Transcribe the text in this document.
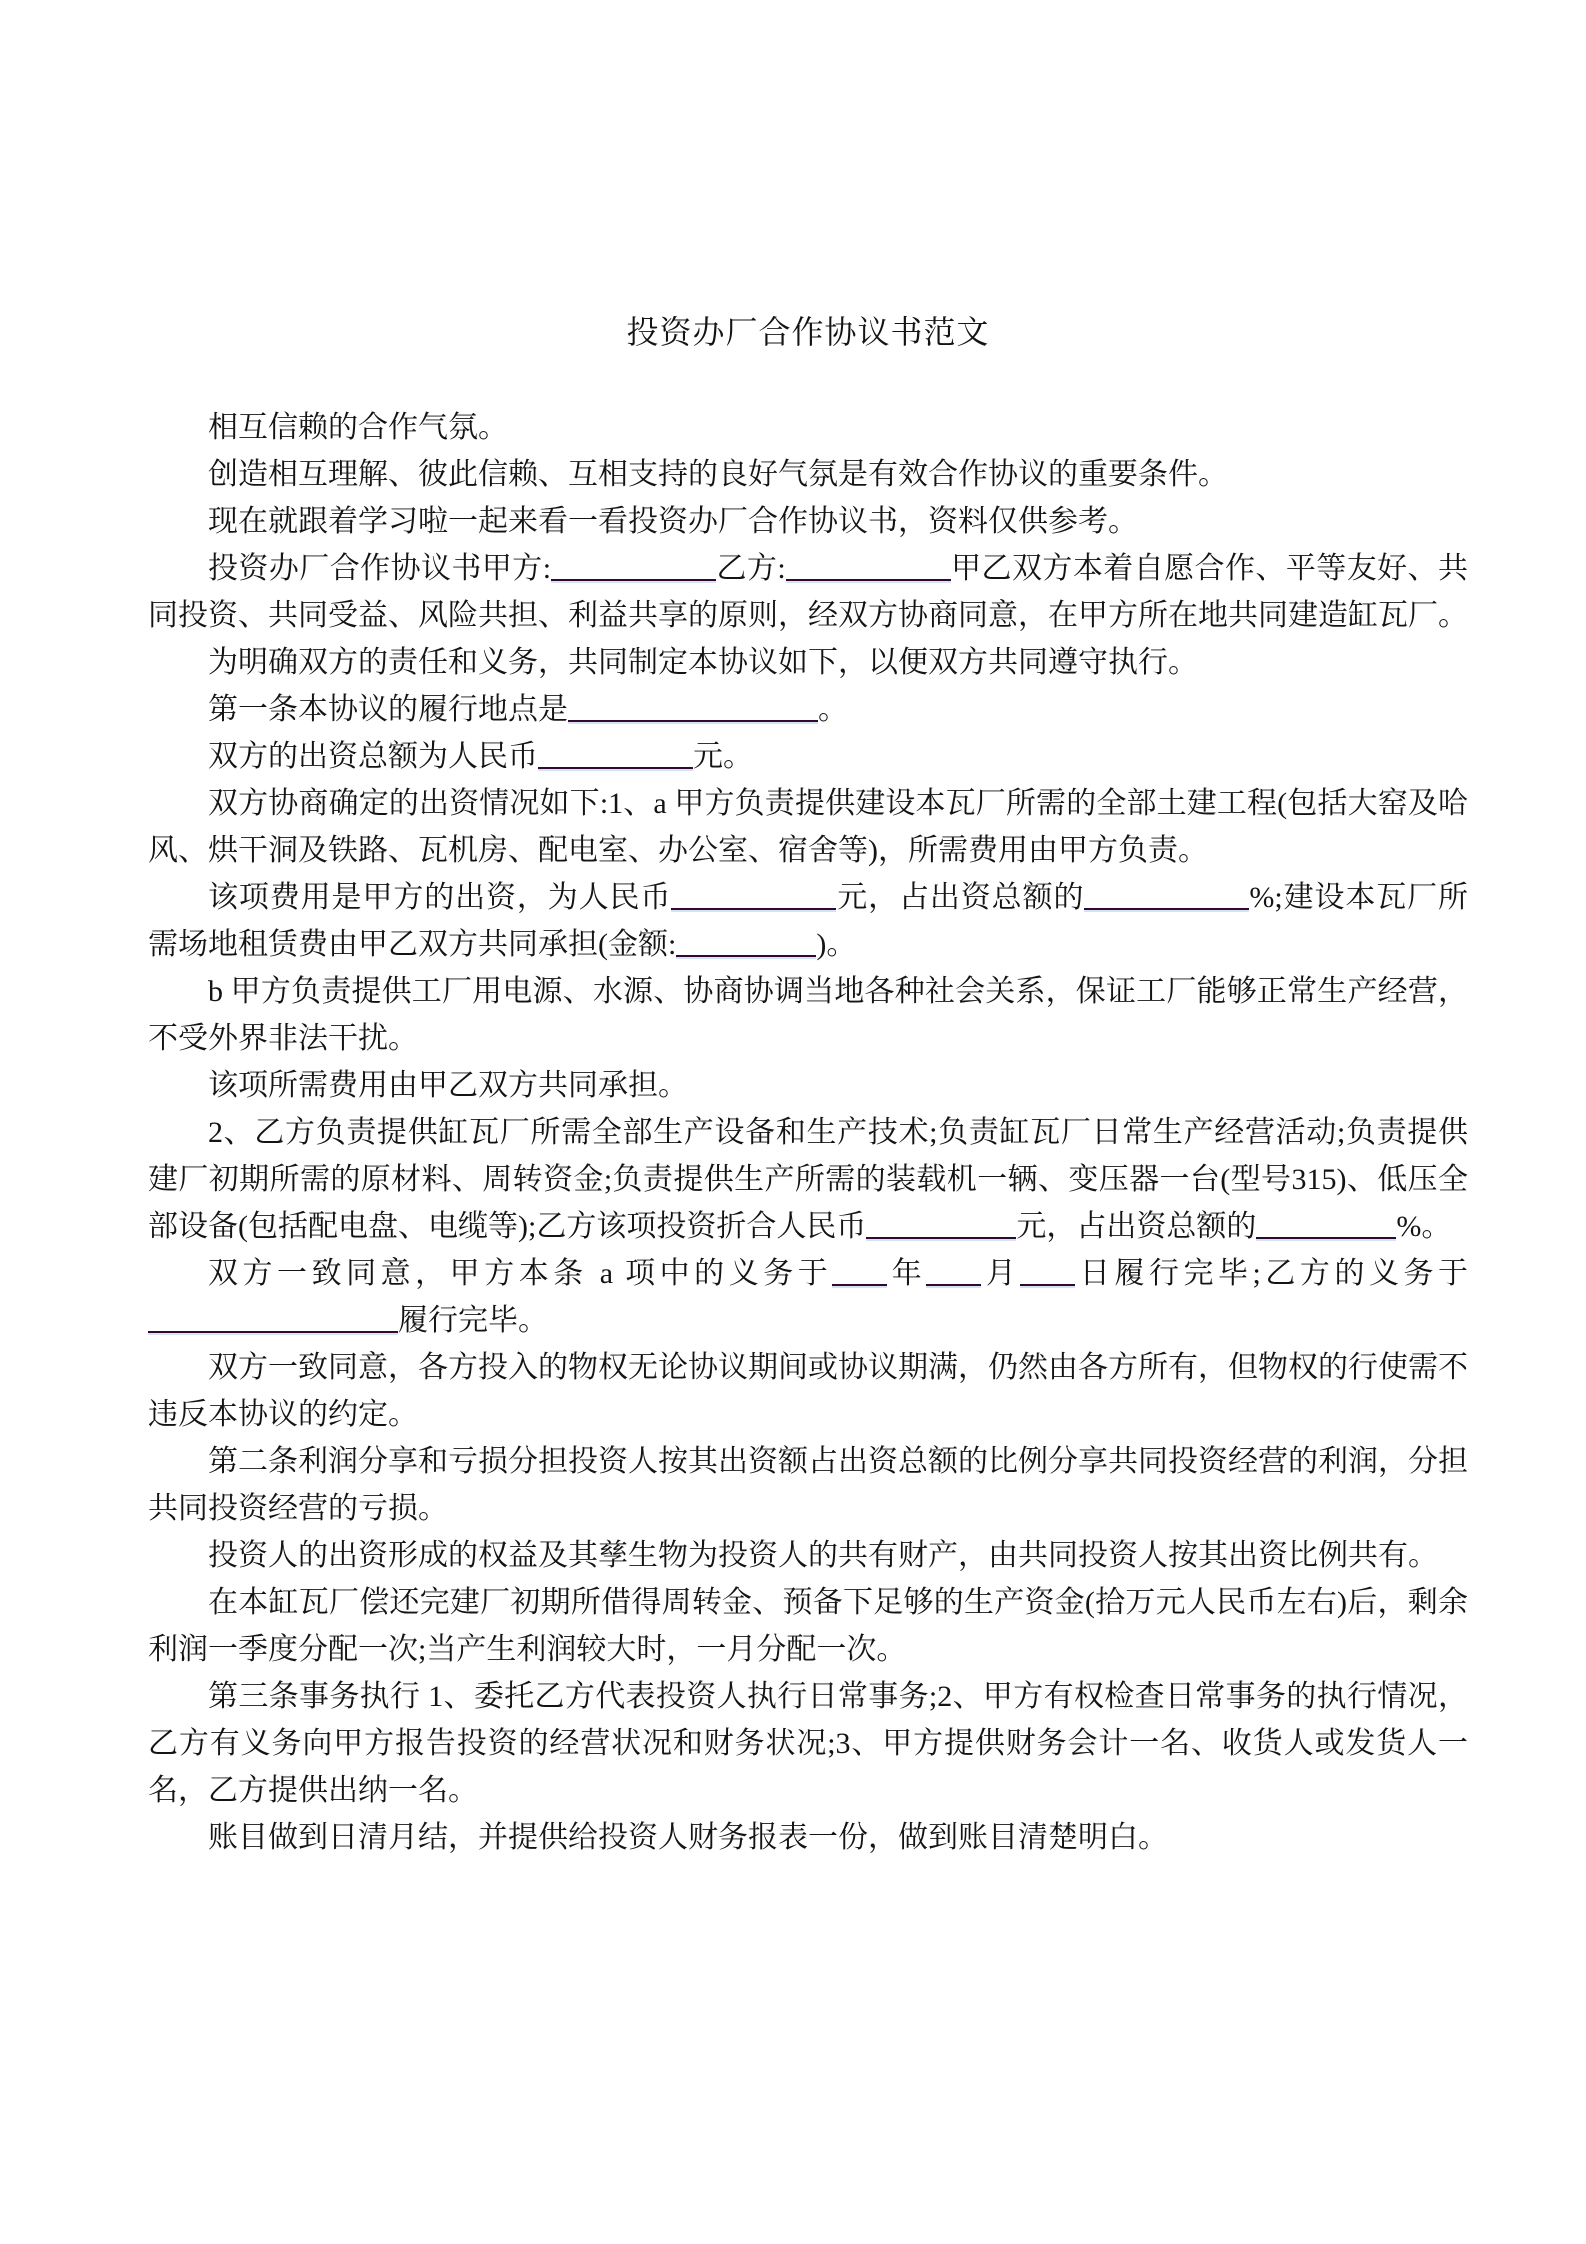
投资办厂合作协议书范文

相互信赖的合作气氛。

创造相互理解、彼此信赖、互相支持的良好气氛是有效合作协议的重要条件。

现在就跟着学习啦一起来看一看投资办厂合作协议书，资料仅供参考。

投资办厂合作协议书甲方:	乙方:	甲乙双方本着自愿合作、平等友好、共同投资、共同受益、风险共担、利益共享的原则，经双方协商同意，在甲方所在地共同建造缸瓦厂。

为明确双方的责任和义务，共同制定本协议如下，以便双方共同遵守执行。

第一条本协议的履行地点是	。

双方的出资总额为人民币	元。

双方协商确定的出资情况如下:1、a 甲方负责提供建设本瓦厂所需的全部土建工程(包括大窑及哈风、烘干洞及铁路、瓦机房、配电室、办公室、宿舍等)，所需费用由甲方负责。

该项费用是甲方的出资，为人民币	元，占出资总额的	%;建设本瓦厂所需场地租赁费由甲乙双方共同承担(金额:	)。

b 甲方负责提供工厂用电源、水源、协商协调当地各种社会关系，保证工厂能够正常生产经营，不受外界非法干扰。

该项所需费用由甲乙双方共同承担。

2、乙方负责提供缸瓦厂所需全部生产设备和生产技术;负责缸瓦厂日常生产经营活动;负责提供建厂初期所需的原材料、周转资金;负责提供生产所需的装载机一辆、变压器一台(型号315)、低压全部设备(包括配电盘、电缆等);乙方该项投资折合人民币	元，占出资总额的	%。

双方一致同意，甲方本条 a 项中的义务于 年 月 日履行完毕;乙方的义务于履行完毕。

双方一致同意，各方投入的物权无论协议期间或协议期满，仍然由各方所有，但物权的行使需不违反本协议的约定。

第二条利润分享和亏损分担投资人按其出资额占出资总额的比例分享共同投资经营的利润，分担共同投资经营的亏损。

投资人的出资形成的权益及其孳生物为投资人的共有财产，由共同投资人按其出资比例共有。

在本缸瓦厂偿还完建厂初期所借得周转金、预备下足够的生产资金(拾万元人民币左右)后，剩余利润一季度分配一次;当产生利润较大时，一月分配一次。

第三条事务执行 1、委托乙方代表投资人执行日常事务;2、甲方有权检查日常事务的执行情况，乙方有义务向甲方报告投资的经营状况和财务状况;3、甲方提供财务会计一名、收货人或发货人一名，乙方提供出纳一名。

账目做到日清月结，并提供给投资人财务报表一份，做到账目清楚明白。
